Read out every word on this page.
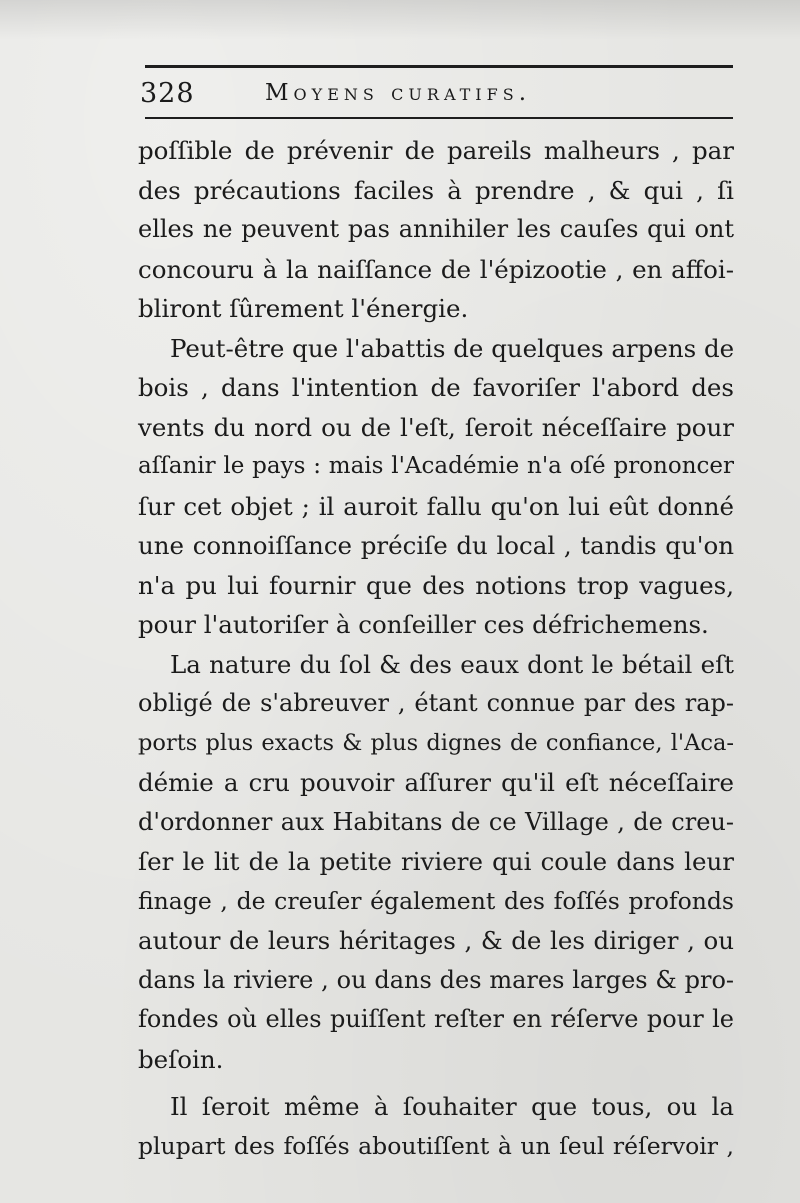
328	Moyens curatifs.
poſſible de prévenir de pareils malheurs , par
des précautions faciles à prendre , & qui , ſi
elles ne peuvent pas annihiler les cauſes qui ont
concouru à la naiſſance de l'épizootie , en affoi-
bliront ſûrement l'énergie.
Peut-être que l'abattis de quelques arpens de
bois , dans l'intention de favoriſer l'abord des
vents du nord ou de l'eſt, ſeroit néceſſaire pour
aſſanir le pays : mais l'Académie n'a oſé prononcer
ſur cet objet ; il auroit fallu qu'on lui eût donné
une connoiſſance préciſe du local , tandis qu'on
n'a pu lui fournir que des notions trop vagues,
pour l'autoriſer à conſeiller ces défrichemens.
La nature du ſol & des eaux dont le bétail eſt
obligé de s'abreuver , étant connue par des rap-
ports plus exacts & plus dignes de confiance, l'Aca-
démie a cru pouvoir aſſurer qu'il eſt néceſſaire
d'ordonner aux Habitans de ce Village , de creu-
ſer le lit de la petite riviere qui coule dans leur
finage , de creuſer également des foſſés profonds
autour de leurs héritages , & de les diriger , ou
dans la riviere , ou dans des mares larges & pro-
fondes où elles puiſſent reſter en réſerve pour le
beſoin.
Il ſeroit même à ſouhaiter que tous, ou la
plupart des foſſés aboutiſſent à un ſeul réſervoir ,
